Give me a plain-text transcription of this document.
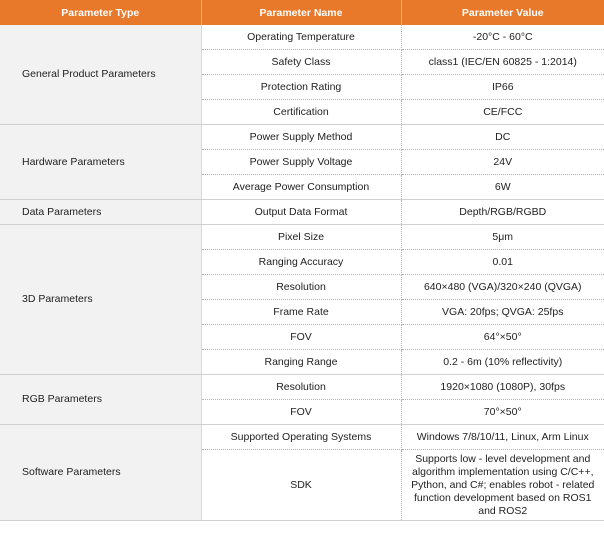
Parameter Type	Parameter Name	Parameter Value
General Product Parameters	Operating Temperature	-20°C - 60°C
	Safety Class	class1 (IEC/EN 60825 - 1:2014)
	Protection Rating	IP66
	Certification	CE/FCC
Hardware Parameters	Power Supply Method	DC
	Power Supply Voltage	24V
	Average Power Consumption	6W
Data Parameters	Output Data Format	Depth/RGB/RGBD
3D Parameters	Pixel Size	5μm
	Ranging Accuracy	0.01
	Resolution	640×480 (VGA)/320×240 (QVGA)
	Frame Rate	VGA: 20fps; QVGA: 25fps
	FOV	64°×50°
	Ranging Range	0.2 - 6m (10% reflectivity)
RGB Parameters	Resolution	1920×1080 (1080P), 30fps
	FOV	70°×50°
Software Parameters	Supported Operating Systems	Windows 7/8/10/11, Linux, Arm Linux
	SDK	Supports low - level development and algorithm implementation using C/C++, Python, and C#; enables robot - related function development based on ROS1 and ROS2
